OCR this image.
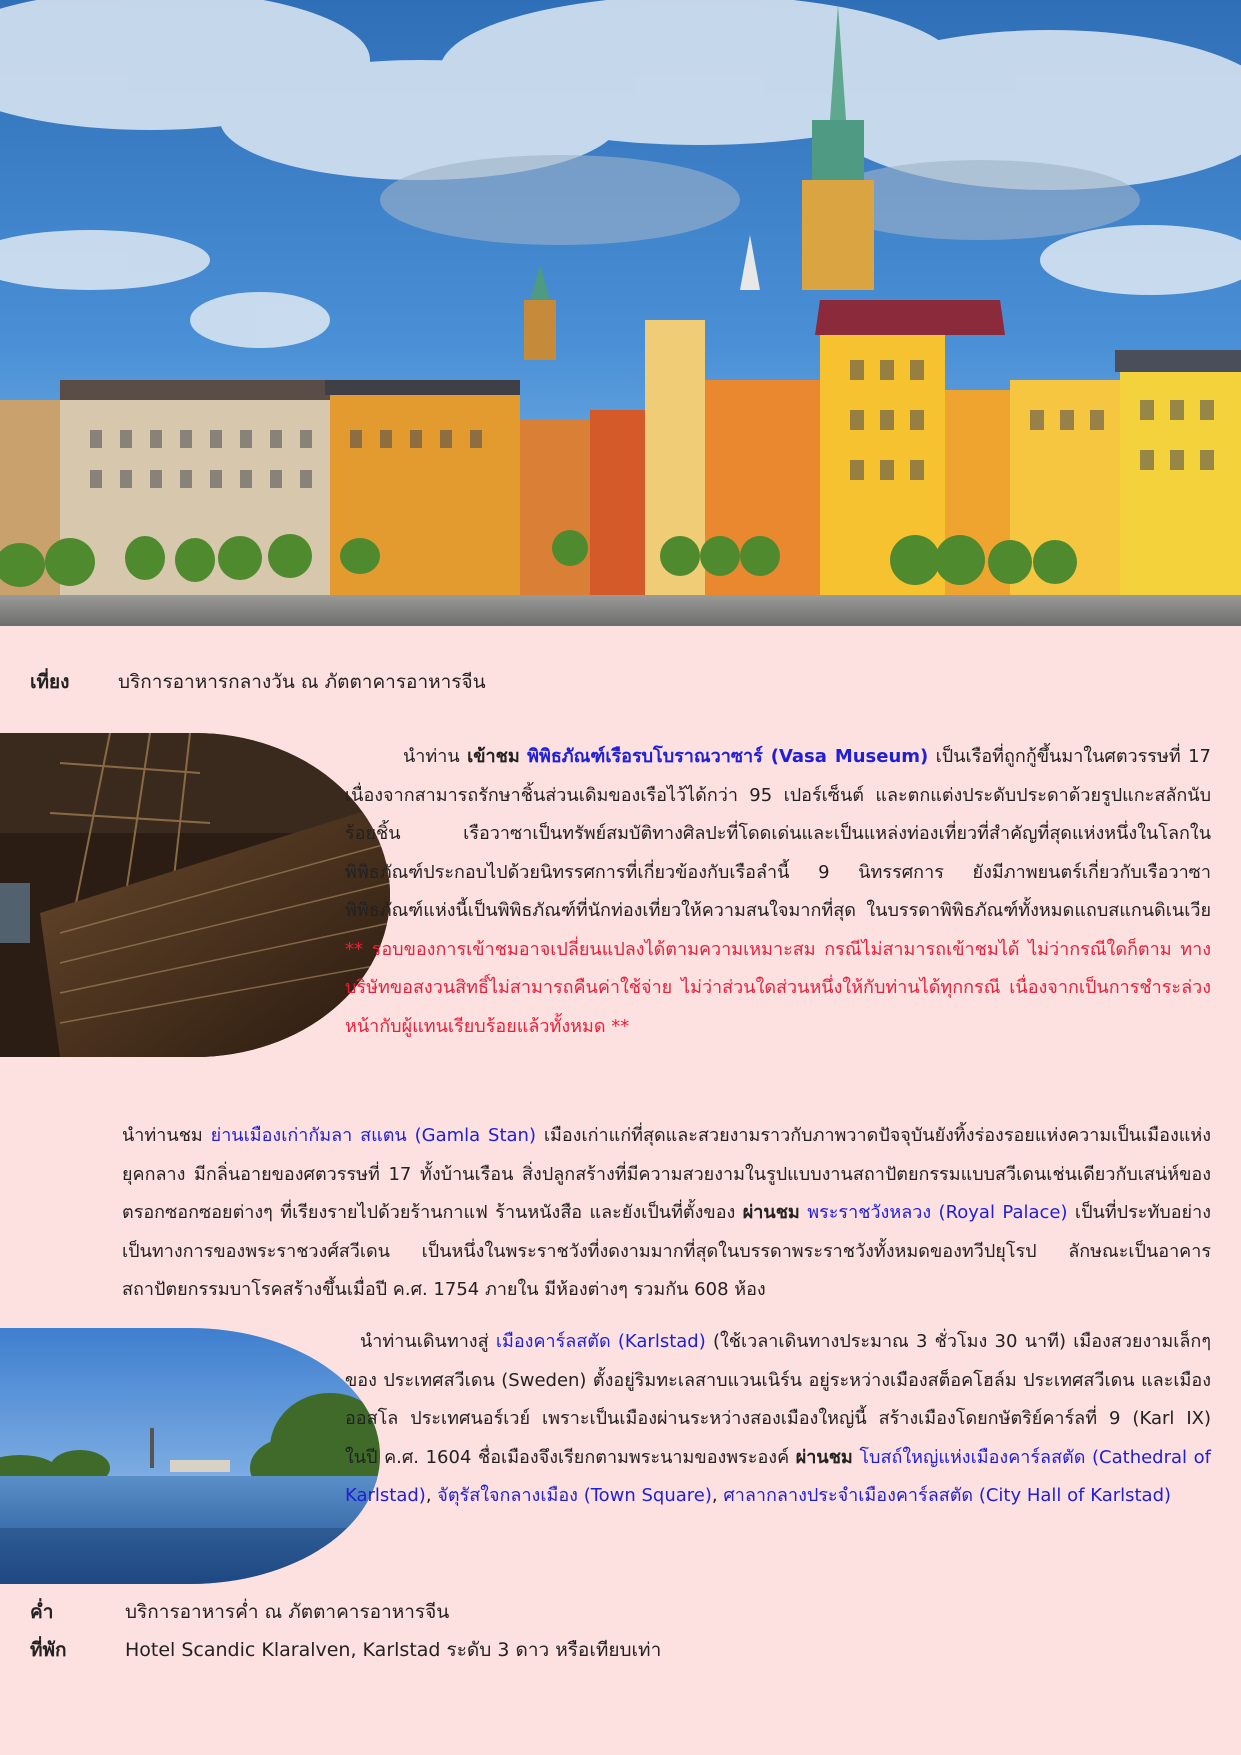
เที่ยง	บริการอาหารกลางวัน ณ ภัตตาคารอาหารจีน
นำท่าน เข้าชม พิพิธภัณฑ์เรือรบโบราณวาซาร์ (Vasa Museum) เป็นเรือที่ถูกกู้ขึ้นมาในศตวรรษที่ 17 เนื่องจากสามารถรักษาชิ้นส่วนเดิมของเรือไว้ได้กว่า 95 เปอร์เซ็นต์ และตกแต่งประดับประดาด้วยรูปแกะสลักนับร้อยชิ้น เรือวาซาเป็นทรัพย์สมบัติทางศิลปะที่โดดเด่นและเป็นแหล่งท่องเที่ยวที่สำคัญที่สุดแห่งหนึ่งในโลกในพิพิธภัณฑ์ประกอบไปด้วยนิทรรศการที่เกี่ยวข้องกับเรือลำนี้ 9 นิทรรศการ ยังมีภาพยนตร์เกี่ยวกับเรือวาซา พิพิธภัณฑ์แห่งนี้เป็นพิพิธภัณฑ์ที่นักท่องเที่ยวให้ความสนใจมากที่สุด ในบรรดาพิพิธภัณฑ์ทั้งหมดแถบสแกนดิเนเวีย ** รอบของการเข้าชมอาจเปลี่ยนแปลงได้ตามความเหมาะสม กรณีไม่สามารถเข้าชมได้ ไม่ว่ากรณีใดก็ตาม ทางบริษัทขอสงวนสิทธิ์ไม่สามารถคืนค่าใช้จ่าย ไม่ว่าส่วนใดส่วนหนึ่งให้กับท่านได้ทุกกรณี เนื่องจากเป็นการชำระล่วงหน้ากับผู้แทนเรียบร้อยแล้วทั้งหมด **
นำท่านชม ย่านเมืองเก่ากัมลา สแตน (Gamla Stan) เมืองเก่าแก่ที่สุดและสวยงามราวกับภาพวาดปัจจุบันยังทิ้งร่องรอยแห่งความเป็นเมืองแห่งยุคกลาง มีกลิ่นอายของศตวรรษที่ 17 ทั้งบ้านเรือน สิ่งปลูกสร้างที่มีความสวยงามในรูปแบบงานสถาปัตยกรรมแบบสวีเดนเช่นเดียวกับเสน่ห์ของตรอกซอกซอยต่างๆ ที่เรียงรายไปด้วยร้านกาแฟ ร้านหนังสือ และยังเป็นที่ตั้งของ ผ่านชม พระราชวังหลวง (Royal Palace) เป็นที่ประทับอย่างเป็นทางการของพระราชวงศ์สวีเดน เป็นหนึ่งในพระราชวังที่งดงามมากที่สุดในบรรดาพระราชวังทั้งหมดของทวีปยุโรป ลักษณะเป็นอาคารสถาปัตยกรรมบาโรคสร้างขึ้นเมื่อปี ค.ศ. 1754 ภายใน มีห้องต่างๆ รวมกัน 608 ห้อง
นำท่านเดินทางสู่ เมืองคาร์ลสตัด (Karlstad) (ใช้เวลาเดินทางประมาณ 3 ชั่วโมง 30 นาที) เมืองสวยงามเล็กๆ ของ ประเทศสวีเดน (Sweden) ตั้งอยู่ริมทะเลสาบแวนเนิร์น อยู่ระหว่างเมืองสต็อคโฮล์ม ประเทศสวีเดน และเมืองออสโล ประเทศนอร์เวย์ เพราะเป็นเมืองผ่านระหว่างสองเมืองใหญ่นี้ สร้างเมืองโดยกษัตริย์คาร์ลที่ 9 (Karl IX) ในปี ค.ศ. 1604 ชื่อเมืองจึงเรียกตามพระนามของพระองค์ ผ่านชม โบสถ์ใหญ่แห่งเมืองคาร์ลสตัด (Cathedral of Karlstad), จัตุรัสใจกลางเมือง (Town Square), ศาลากลางประจำเมืองคาร์ลสตัด (City Hall of Karlstad)
ค่ำ	บริการอาหารค่ำ ณ ภัตตาคารอาหารจีน
ที่พัก	Hotel Scandic Klaralven, Karlstad ระดับ 3 ดาว หรือเทียบเท่า
